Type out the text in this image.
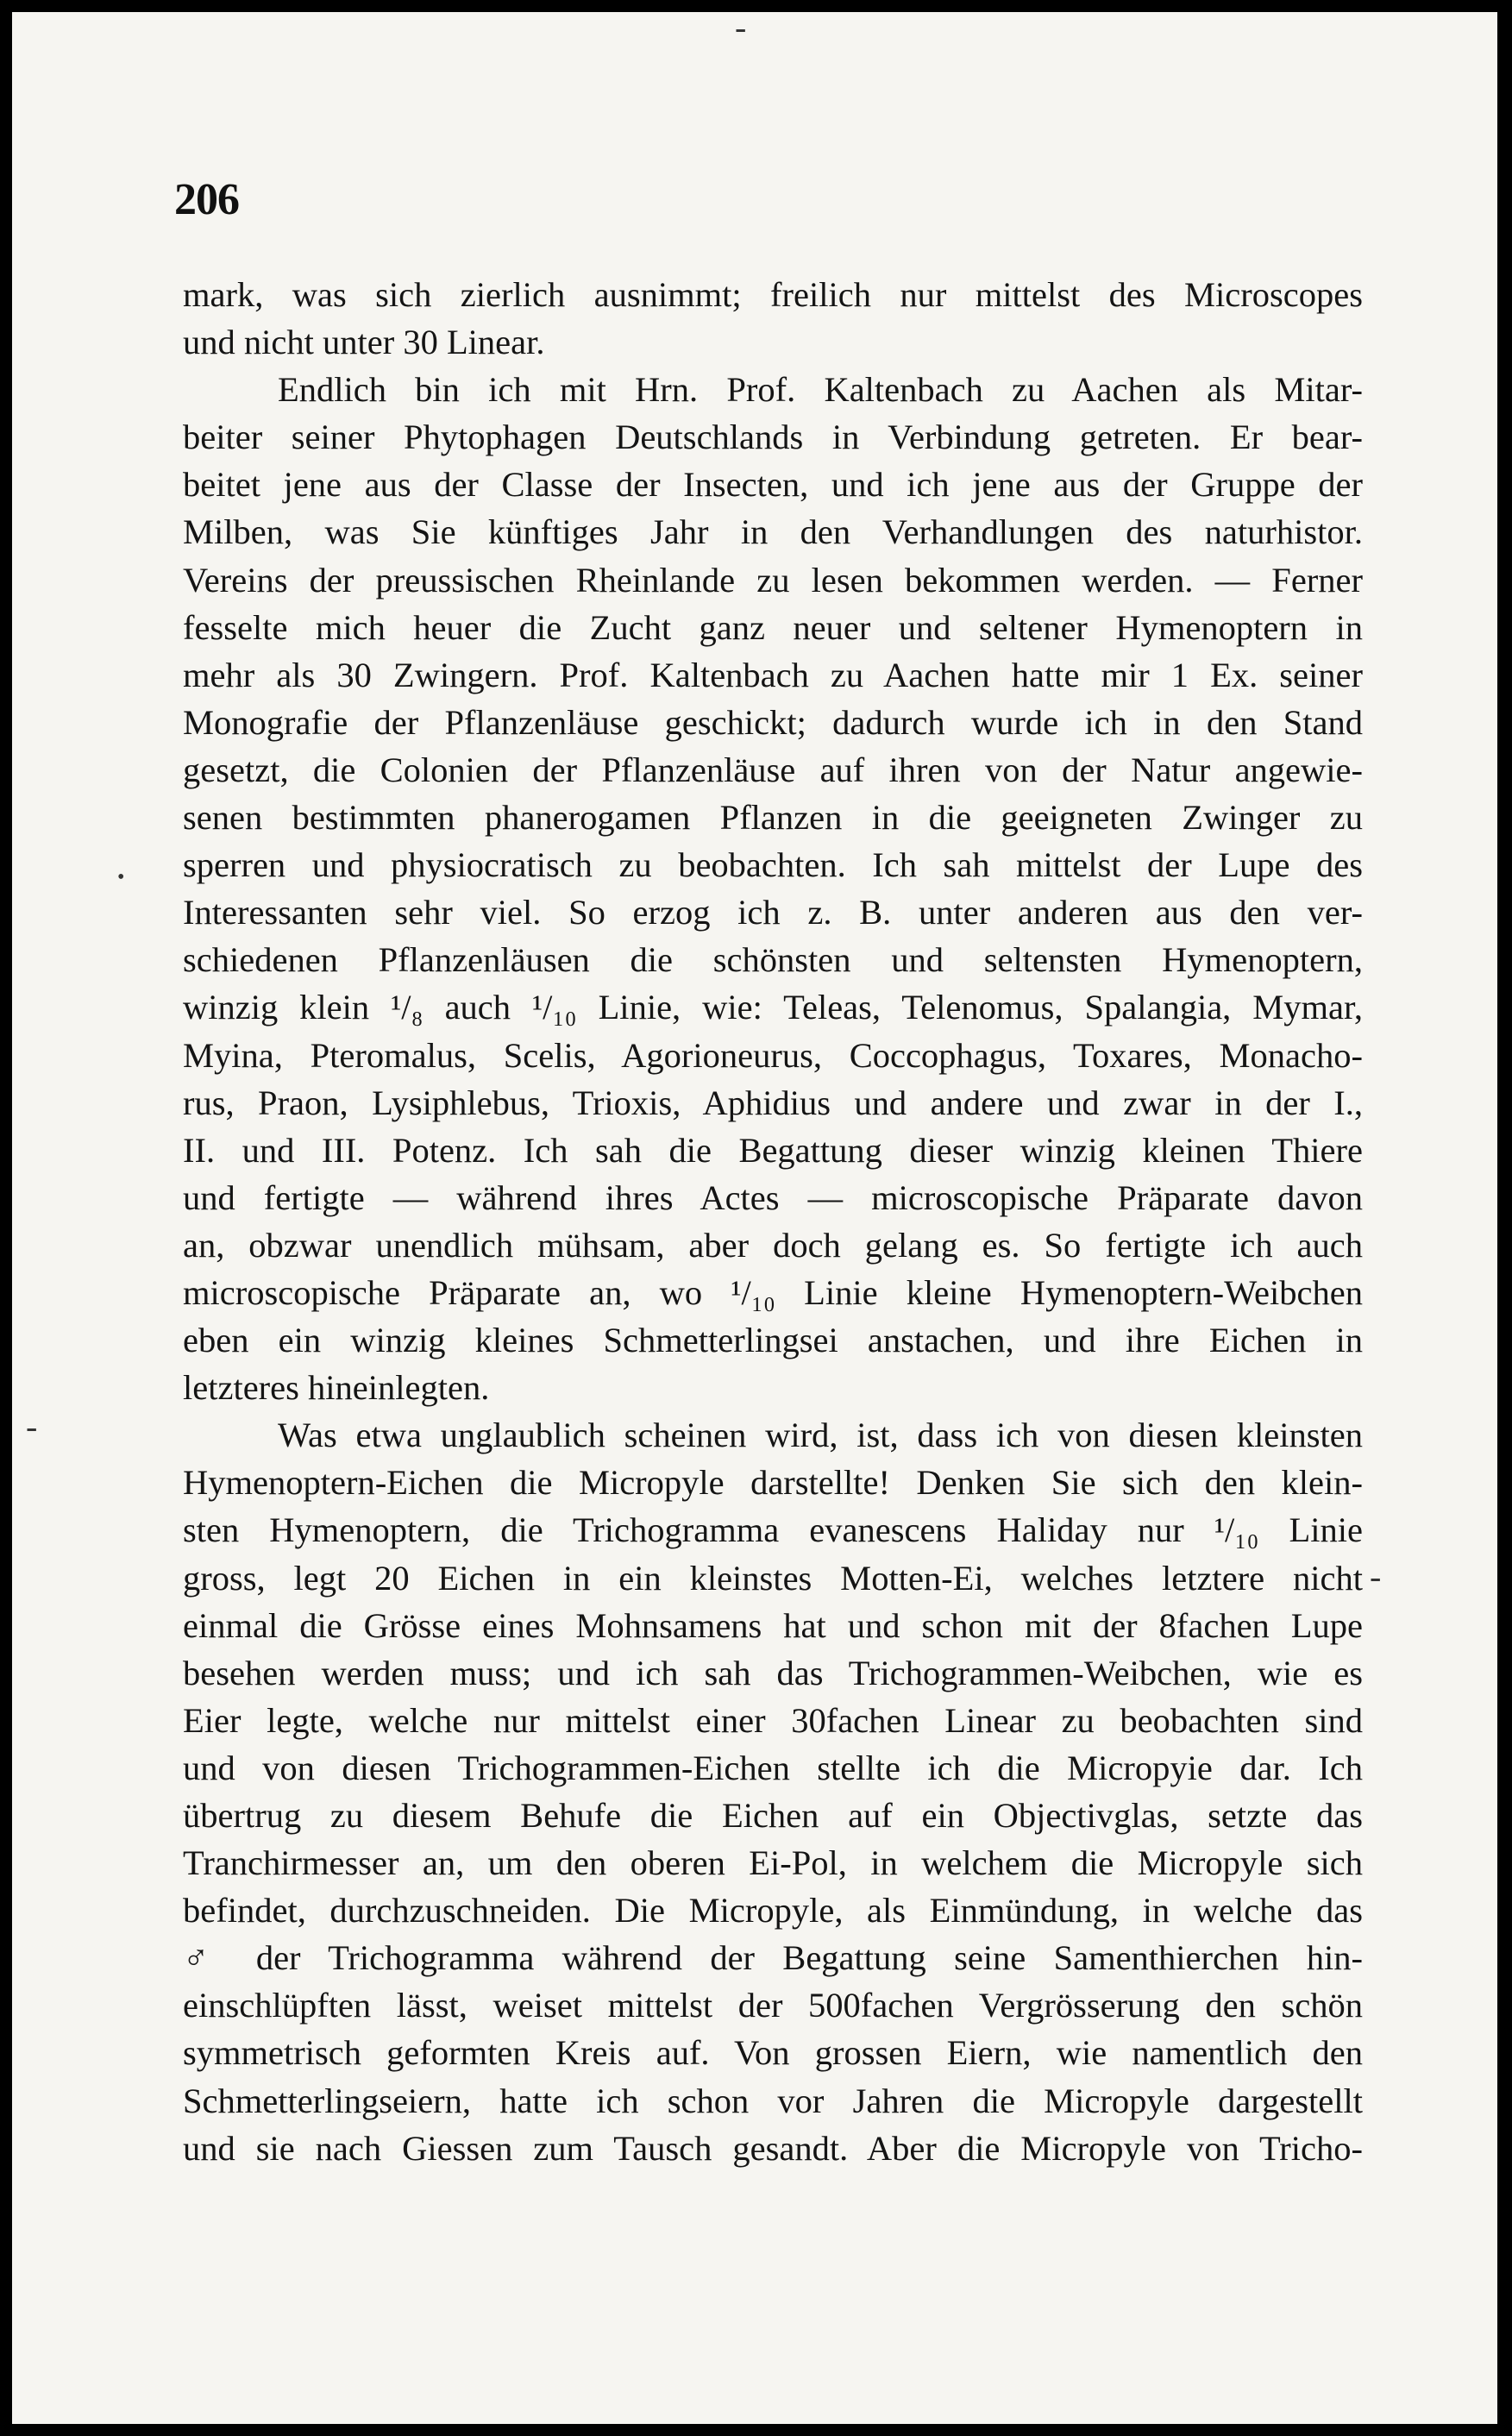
-
-
-
•
206
mark, was sich zierlich ausnimmt; freilich nur mittelst des Microscopes
und nicht unter 30 Linear.
Endlich bin ich mit Hrn. Prof. Kaltenbach zu Aachen als Mitar-
beiter seiner Phytophagen Deutschlands in Verbindung getreten. Er bear-
beitet jene aus der Classe der Insecten, und ich jene aus der Gruppe der
Milben, was Sie künftiges Jahr in den Verhandlungen des naturhistor.
Vereins der preussischen Rheinlande zu lesen bekommen werden. — Ferner
fesselte mich heuer die Zucht ganz neuer und seltener Hymenoptern in
mehr als 30 Zwingern. Prof. Kaltenbach zu Aachen hatte mir 1 Ex. seiner
Monografie der Pflanzenläuse geschickt; dadurch wurde ich in den Stand
gesetzt, die Colonien der Pflanzenläuse auf ihren von der Natur angewie-
senen bestimmten phanerogamen Pflanzen in die geeigneten Zwinger zu
sperren und physiocratisch zu beobachten. Ich sah mittelst der Lupe des
Interessanten sehr viel. So erzog ich z. B. unter anderen aus den ver-
schiedenen Pflanzenläusen die schönsten und seltensten Hymenoptern,
winzig klein ¹/₈ auch ¹/₁₀ Linie, wie: Teleas, Telenomus, Spalangia, Mymar,
Myina, Pteromalus, Scelis, Agorioneurus, Coccophagus, Toxares, Monacho-
rus, Praon, Lysiphlebus, Trioxis, Aphidius und andere und zwar in der I.,
II. und III. Potenz. Ich sah die Begattung dieser winzig kleinen Thiere
und fertigte — während ihres Actes — microscopische Präparate davon
an, obzwar unendlich mühsam, aber doch gelang es. So fertigte ich auch
microscopische Präparate an, wo ¹/₁₀ Linie kleine Hymenoptern-Weibchen
eben ein winzig kleines Schmetterlingsei anstachen, und ihre Eichen in
letzteres hineinlegten.
Was etwa unglaublich scheinen wird, ist, dass ich von diesen kleinsten
Hymenoptern-Eichen die Micropyle darstellte! Denken Sie sich den klein-
sten Hymenoptern, die Trichogramma evanescens Haliday nur ¹/₁₀ Linie
gross, legt 20 Eichen in ein kleinstes Motten-Ei, welches letztere nicht
einmal die Grösse eines Mohnsamens hat und schon mit der 8fachen Lupe
besehen werden muss; und ich sah das Trichogrammen-Weibchen, wie es
Eier legte, welche nur mittelst einer 30fachen Linear zu beobachten sind
und von diesen Trichogrammen-Eichen stellte ich die Micropyie dar. Ich
übertrug zu diesem Behufe die Eichen auf ein Objectivglas, setzte das
Tranchirmesser an, um den oberen Ei-Pol, in welchem die Micropyle sich
befindet, durchzuschneiden. Die Micropyle, als Einmündung, in welche das
♂ der Trichogramma während der Begattung seine Samenthierchen hin-
einschlüpften lässt, weiset mittelst der 500fachen Vergrösserung den schön
symmetrisch geformten Kreis auf. Von grossen Eiern, wie namentlich den
Schmetterlingseiern, hatte ich schon vor Jahren die Micropyle dargestellt
und sie nach Giessen zum Tausch gesandt. Aber die Micropyle von Tricho-
